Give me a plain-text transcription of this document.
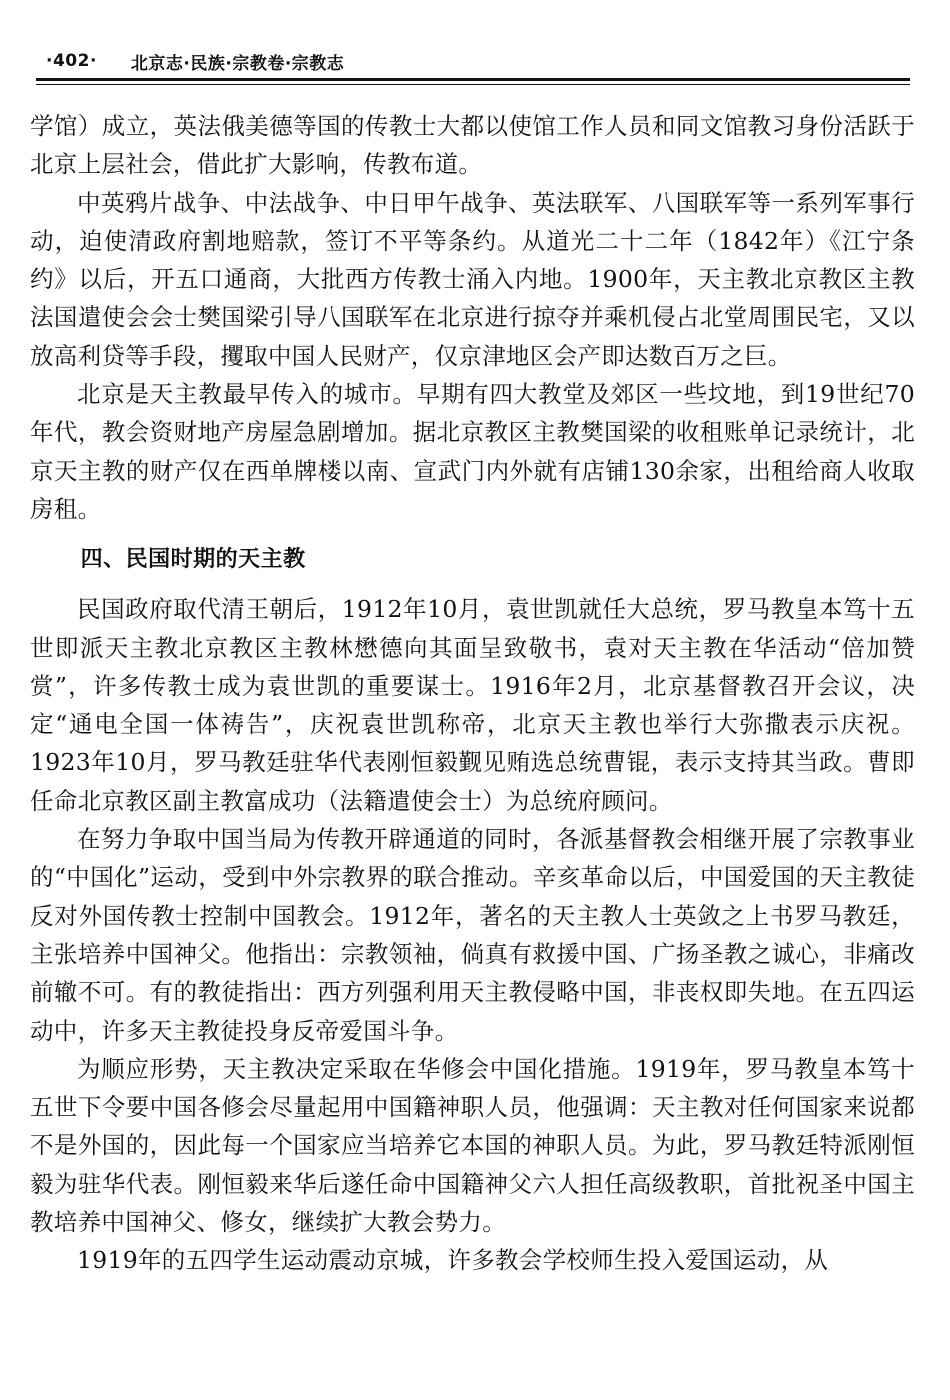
·402· 北京志·民族·宗教卷·宗教志

学馆）成立，英法俄美德等国的传教士大都以使馆工作人员和同文馆教习身份活跃于北京上层社会，借此扩大影响，传教布道。

中英鸦片战争、中法战争、中日甲午战争、英法联军、八国联军等一系列军事行动，迫使清政府割地赔款，签订不平等条约。从道光二十二年（1842年）《江宁条约》以后，开五口通商，大批西方传教士涌入内地。1900年，天主教北京教区主教法国遣使会会士樊国梁引导八国联军在北京进行掠夺并乘机侵占北堂周围民宅，又以放高利贷等手段，攫取中国人民财产，仅京津地区会产即达数百万之巨。

北京是天主教最早传入的城市。早期有四大教堂及郊区一些坟地，到19世纪70年代，教会资财地产房屋急剧增加。据北京教区主教樊国梁的收租账单记录统计，北京天主教的财产仅在西单牌楼以南、宣武门内外就有店铺130余家，出租给商人收取房租。

四、民国时期的天主教

民国政府取代清王朝后，1912年10月，袁世凯就任大总统，罗马教皇本笃十五世即派天主教北京教区主教林懋德向其面呈致敬书，袁对天主教在华活动“倍加赞赏”，许多传教士成为袁世凯的重要谋士。1916年2月，北京基督教召开会议，决定“通电全国一体祷告”，庆祝袁世凯称帝，北京天主教也举行大弥撒表示庆祝。1923年10月，罗马教廷驻华代表刚恒毅觐见贿选总统曹锟，表示支持其当政。曹即任命北京教区副主教富成功（法籍遣使会士）为总统府顾问。

在努力争取中国当局为传教开辟通道的同时，各派基督教会相继开展了宗教事业的“中国化”运动，受到中外宗教界的联合推动。辛亥革命以后，中国爱国的天主教徒反对外国传教士控制中国教会。1912年，著名的天主教人士英敛之上书罗马教廷，主张培养中国神父。他指出：宗教领袖，倘真有救援中国、广扬圣教之诚心，非痛改前辙不可。有的教徒指出：西方列强利用天主教侵略中国，非丧权即失地。在五四运动中，许多天主教徒投身反帝爱国斗争。

为顺应形势，天主教决定采取在华修会中国化措施。1919年，罗马教皇本笃十五世下令要中国各修会尽量起用中国籍神职人员，他强调：天主教对任何国家来说都不是外国的，因此每一个国家应当培养它本国的神职人员。为此，罗马教廷特派刚恒毅为驻华代表。刚恒毅来华后遂任命中国籍神父六人担任高级教职，首批祝圣中国主教培养中国神父、修女，继续扩大教会势力。

1919年的五四学生运动震动京城，许多教会学校师生投入爱国运动，从
